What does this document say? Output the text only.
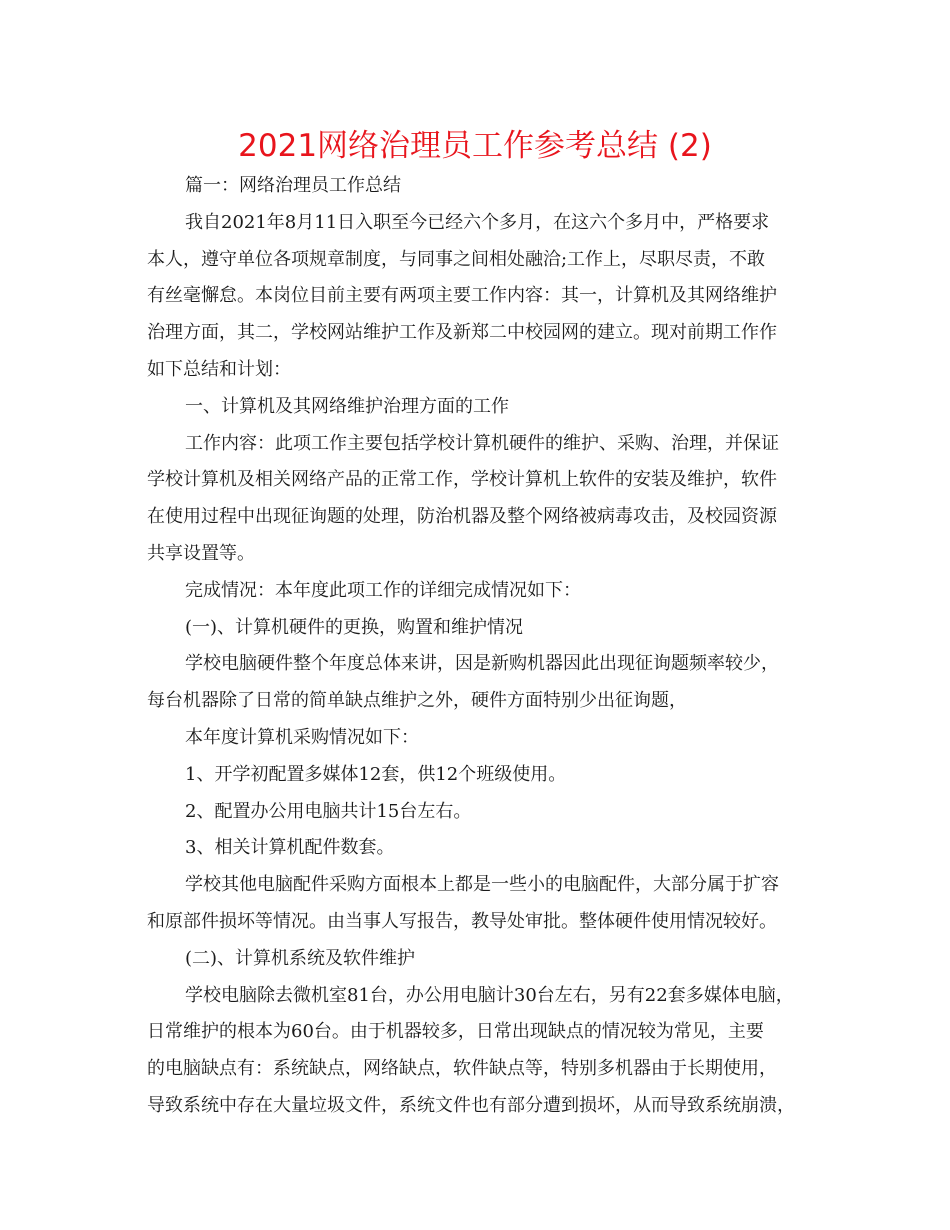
2021网络治理员工作参考总结 (2)

篇一：网络治理员工作总结

我自2021年8月11日入职至今已经六个多月，在这六个多月中，严格要求

本人，遵守单位各项规章制度，与同事之间相处融洽;工作上，尽职尽责，不敢

有丝毫懈怠。本岗位目前主要有两项主要工作内容：其一，计算机及其网络维护

治理方面，其二，学校网站维护工作及新郑二中校园网的建立。现对前期工作作

如下总结和计划：

一、计算机及其网络维护治理方面的工作

工作内容：此项工作主要包括学校计算机硬件的维护、采购、治理，并保证

学校计算机及相关网络产品的正常工作，学校计算机上软件的安装及维护，软件

在使用过程中出现征询题的处理，防治机器及整个网络被病毒攻击，及校园资源

共享设置等。

完成情况：本年度此项工作的详细完成情况如下：

(一)、计算机硬件的更换，购置和维护情况

学校电脑硬件整个年度总体来讲，因是新购机器因此出现征询题频率较少，

每台机器除了日常的简单缺点维护之外，硬件方面特别少出征询题，

本年度计算机采购情况如下：

1、开学初配置多媒体12套，供12个班级使用。

2、配置办公用电脑共计15台左右。

3、相关计算机配件数套。

学校其他电脑配件采购方面根本上都是一些小的电脑配件，大部分属于扩容

和原部件损坏等情况。由当事人写报告，教导处审批。整体硬件使用情况较好。

(二)、计算机系统及软件维护

学校电脑除去微机室81台，办公用电脑计30台左右，另有22套多媒体电脑，

日常维护的根本为60台。由于机器较多，日常出现缺点的情况较为常见，主要

的电脑缺点有：系统缺点，网络缺点，软件缺点等，特别多机器由于长期使用，

导致系统中存在大量垃圾文件，系统文件也有部分遭到损坏，从而导致系统崩溃，
